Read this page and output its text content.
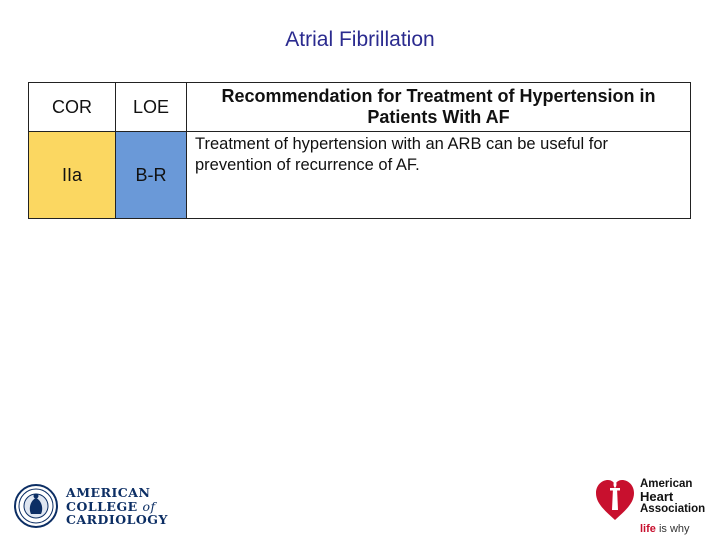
Atrial Fibrillation
COR	LOE	Recommendation for Treatment of Hypertension in Patients With AF
IIa	B-R	Treatment of hypertension with an ARB can be useful for prevention of recurrence of AF.
AMERICAN
COLLEGE of
CARDIOLOGY
American
Heart
Association
life is why
